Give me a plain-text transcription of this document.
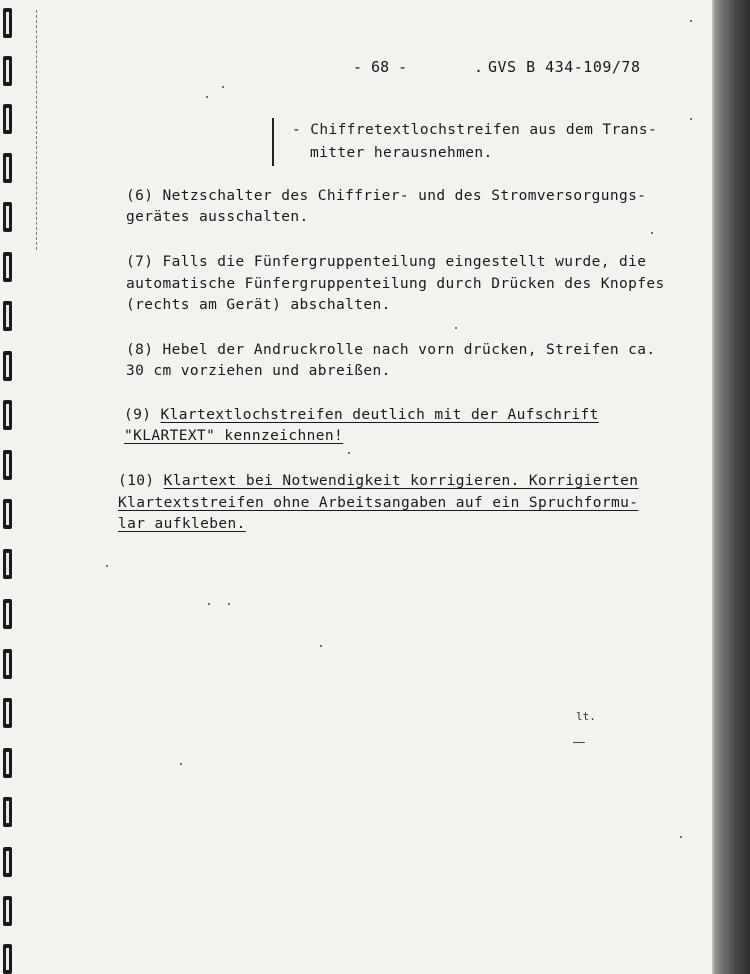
- 68 -	. GVS B 434-109/78
- Chiffretextlochstreifen aus dem Trans-
mitter herausnehmen.
(6) Netzschalter des Chiffrier- und des Stromversorgungs-
gerätes ausschalten.
(7) Falls die Fünfergruppenteilung eingestellt wurde, die
automatische Fünfergruppenteilung durch Drücken des Knopfes
(rechts am Gerät) abschalten.
(8) Hebel der Andruckrolle nach vorn drücken, Streifen ca.
30 cm vorziehen und abreißen.
(9) Klartextlochstreifen deutlich mit der Aufschrift
"KLARTEXT" kennzeichnen!
(10) Klartext bei Notwendigkeit korrigieren. Korrigierten
Klartextstreifen ohne Arbeitsangaben auf ein Spruchformu-
lar aufkleben.
lt.
